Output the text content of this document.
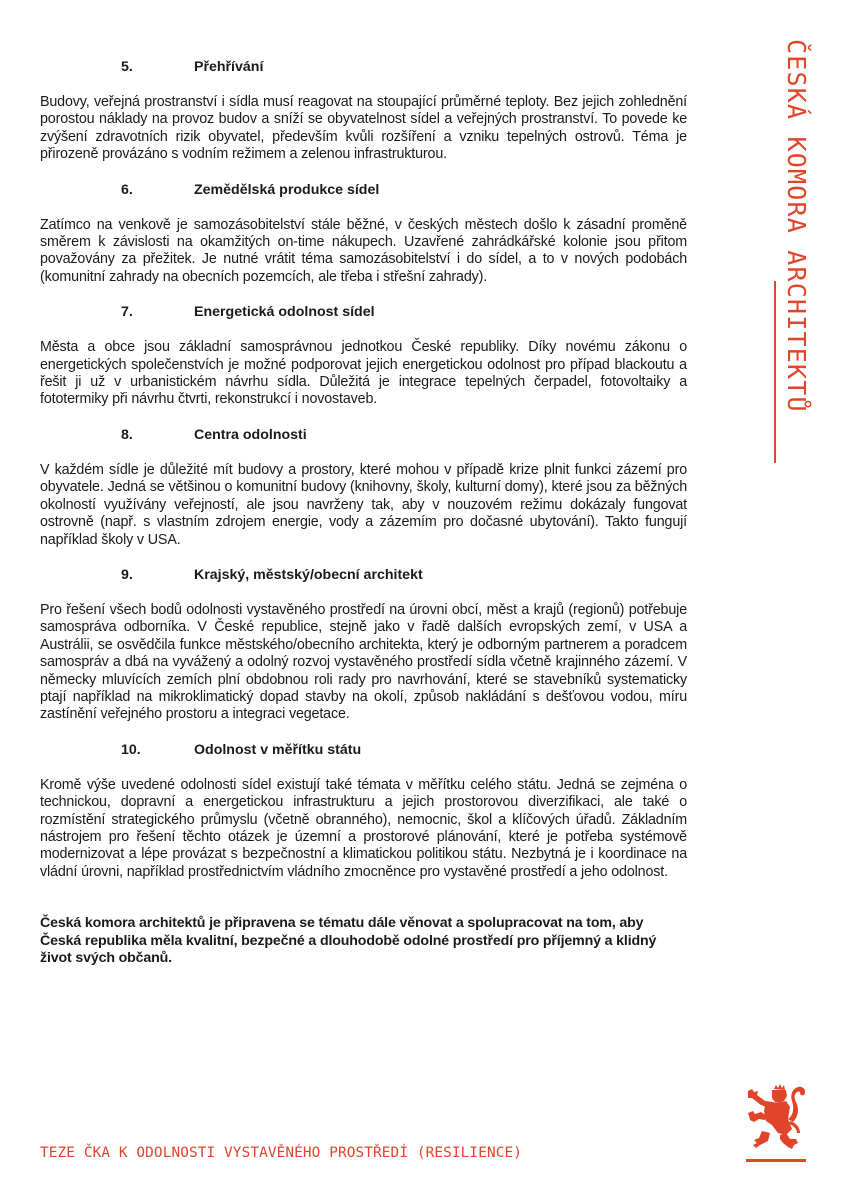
ČESKÁ KOMORA ARCHITEKTŮ
5.	Přehřívání

Budovy, veřejná prostranství i sídla musí reagovat na stoupající průměrné teploty. Bez jejich zohlednění porostou náklady na provoz budov a sníží se obyvatelnost sídel a veřejných prostranství. To povede ke zvýšení zdravotních rizik obyvatel, především kvůli rozšíření a vzniku tepelných ostrovů. Téma je přirozeně provázáno s vodním režimem a zelenou infrastrukturou.

6.	Zemědělská produkce sídel

Zatímco na venkově je samozásobitelství stále běžné, v českých městech došlo k zásadní proměně směrem k závislosti na okamžitých on-time nákupech. Uzavřené zahrádkářské kolonie jsou přitom považovány za přežitek. Je nutné vrátit téma samozásobitelství i do sídel, a to v nových podobách (komunitní zahrady na obecních pozemcích, ale třeba i střešní zahrady).

7.	Energetická odolnost sídel

Města a obce jsou základní samosprávnou jednotkou České republiky. Díky novému zákonu o energetických společenstvích je možné podporovat jejich energetickou odolnost pro případ blackoutu a řešit ji už v urbanistickém návrhu sídla. Důležitá je integrace tepelných čerpadel, fotovoltaiky a fototermiky při návrhu čtvrti, rekonstrukcí i novostaveb.

8.	Centra odolnosti

V každém sídle je důležité mít budovy a prostory, které mohou v případě krize plnit funkci zázemí pro obyvatele. Jedná se většinou o komunitní budovy (knihovny, školy, kulturní domy), které jsou za běžných okolností využívány veřejností, ale jsou navrženy tak, aby v nouzovém režimu dokázaly fungovat ostrovně (např. s vlastním zdrojem energie, vody a zázemím pro dočasné ubytování). Takto fungují například školy v USA.

9.	Krajský, městský/obecní architekt

Pro řešení všech bodů odolnosti vystavěného prostředí na úrovni obcí, měst a krajů (regionů) potřebuje samospráva odborníka. V České republice, stejně jako v řadě dalších evropských zemí, v USA a Austrálii, se osvědčila funkce městského/obecního architekta, který je odborným partnerem a poradcem samospráv a dbá na vyvážený a odolný rozvoj vystavěného prostředí sídla včetně krajinného zázemí. V německy mluvících zemích plní obdobnou roli rady pro navrhování, které se stavebníků systematicky ptají například na mikroklimatický dopad stavby na okolí, způsob nakládání s dešťovou vodou, míru zastínění veřejného prostoru a integraci vegetace.

10.	Odolnost v měřítku státu

Kromě výše uvedené odolnosti sídel existují také témata v měřítku celého státu. Jedná se zejména o technickou, dopravní a energetickou infrastrukturu a jejich prostorovou diverzifikaci, ale také o rozmístění strategického průmyslu (včetně obranného), nemocnic, škol a klíčových úřadů. Základním nástrojem pro řešení těchto otázek je územní a prostorové plánování, které je potřeba systémově modernizovat a lépe provázat s bezpečnostní a klimatickou politikou státu. Nezbytná je i koordinace na vládní úrovni, například prostřednictvím vládního zmocněnce pro vystavěné prostředí a jeho odolnost.

Česká komora architektů je připravena se tématu dále věnovat a spolupracovat na tom, aby Česká republika měla kvalitní, bezpečné a dlouhodobě odolné prostředí pro příjemný a klidný život svých občanů.

TEZE ČKA K ODOLNOSTI VYSTAVĚNÉHO PROSTŘEDÍ (RESILIENCE)
